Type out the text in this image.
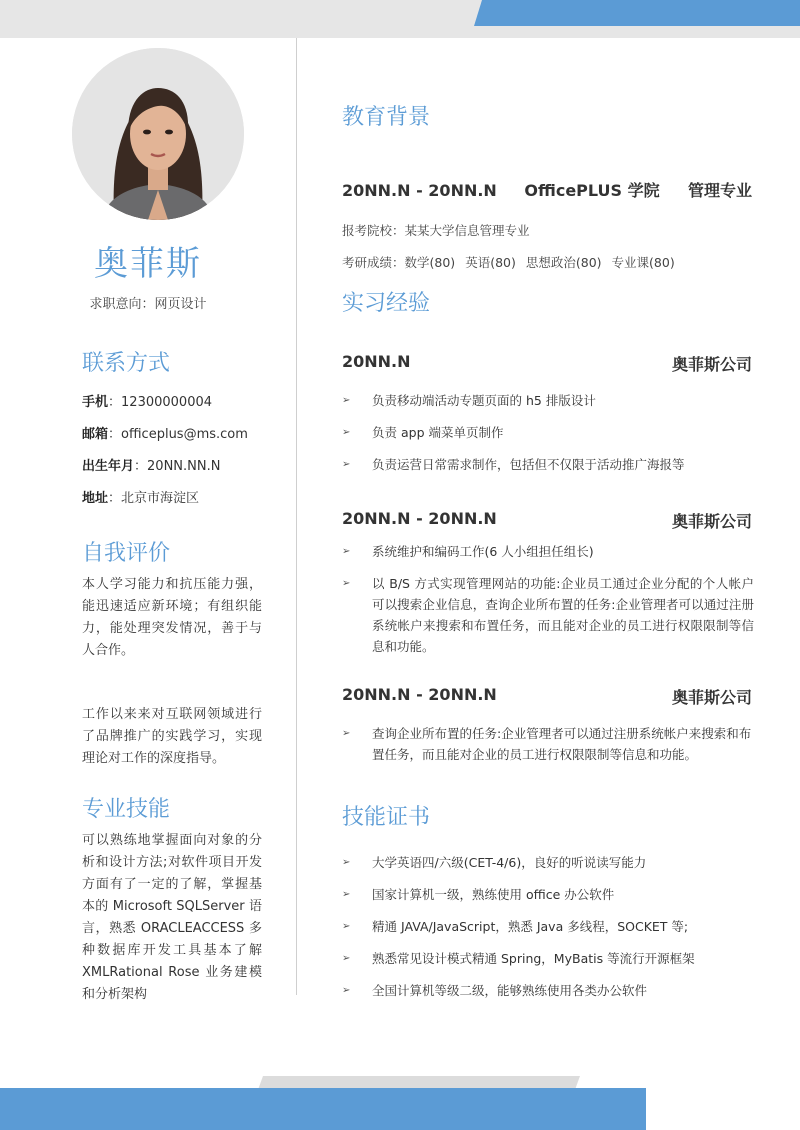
奥菲斯
求职意向：网页设计
联系方式
手机：12300000004
邮箱：officeplus@ms.com
出生年月：20NN.NN.N
地址：北京市海淀区
自我评价
本人学习能力和抗压能力强，能迅速适应新环境；有组织能力，能处理突发情况，善于与人合作。
工作以来来对互联网领域进行了品牌推广的实践学习，实现理论对工作的深度指导。
专业技能
可以熟练地掌握面向对象的分析和设计方法;对软件项目开发方面有了一定的了解，掌握基本的 Microsoft SQLServer 语言，熟悉 ORACLEACCESS 多种数据库开发工具基本了解 XMLRational Rose 业务建模和分析架构
教育背景
20NN.N - 20NN.N OfficePLUS 学院 管理专业
报考院校：某某大学信息管理专业
考研成绩：数学(80) 英语(80) 思想政治(80) 专业课(80)
实习经验
20NN.N	奥菲斯公司
➢ 负责移动端活动专题页面的 h5 排版设计
➢ 负责 app 端菜单页制作
➢ 负责运营日常需求制作，包括但不仅限于活动推广海报等
20NN.N - 20NN.N	奥菲斯公司
➢ 系统维护和编码工作(6 人小组担任组长)
➢ 以 B/S 方式实现管理网站的功能:企业员工通过企业分配的个人帐户可以搜索企业信息，查询企业所布置的任务:企业管理者可以通过注册系统帐户来搜索和布置任务，而且能对企业的员工进行权限限制等信息和功能。
20NN.N - 20NN.N	奥菲斯公司
➢ 查询企业所布置的任务:企业管理者可以通过注册系统帐户来搜索和布置任务，而且能对企业的员工进行权限限制等信息和功能。
技能证书
➢ 大学英语四/六级(CET-4/6)，良好的听说读写能力
➢ 国家计算机一级，熟练使用 office 办公软件
➢ 精通 JAVA/JavaScript，熟悉 Java 多线程，SOCKET 等;
➢ 熟悉常见设计模式精通 Spring，MyBatis 等流行开源框架
➢ 全国计算机等级二级，能够熟练使用各类办公软件
